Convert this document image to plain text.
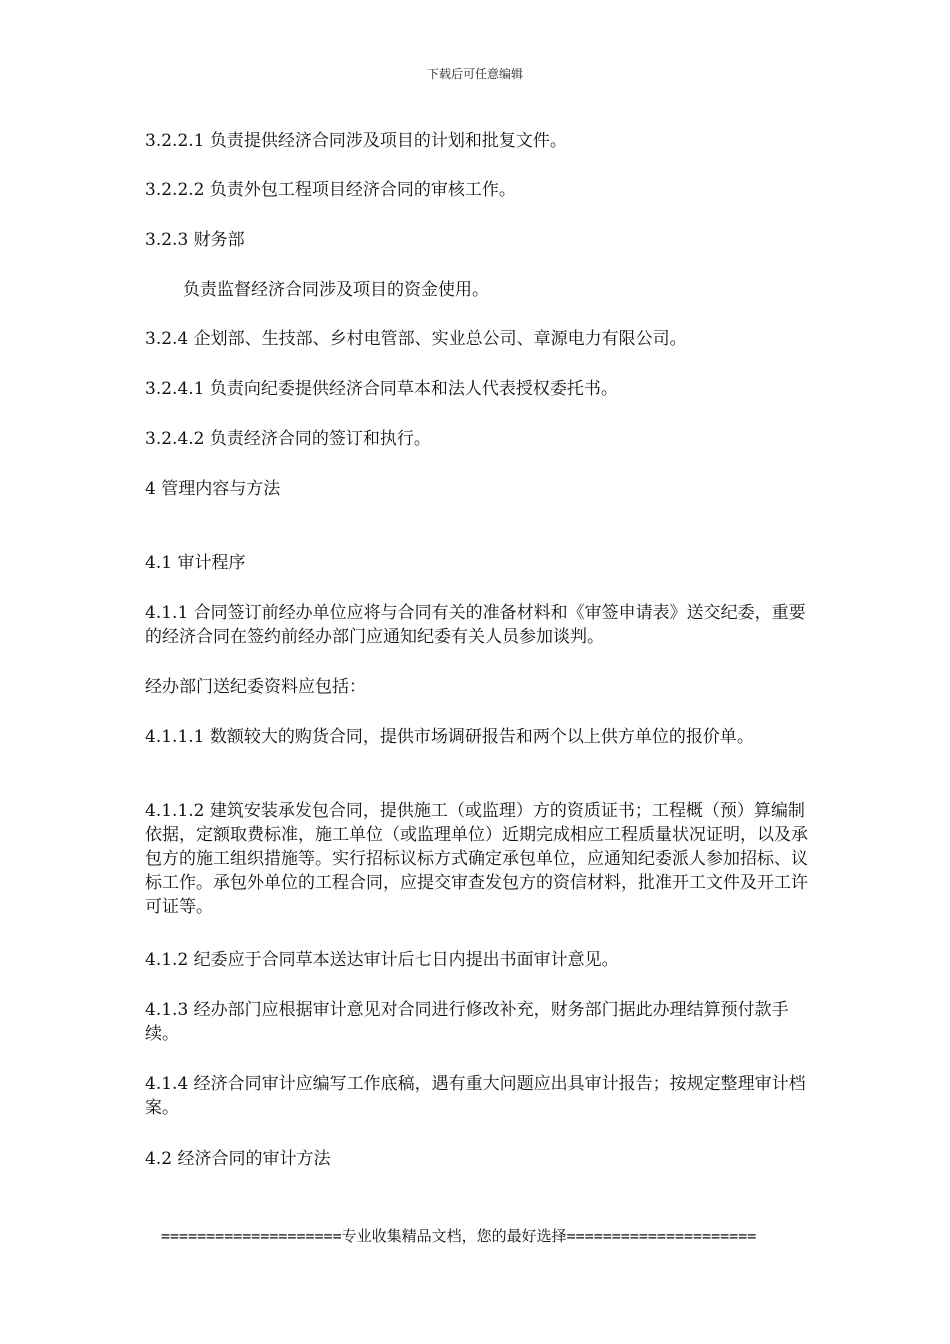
下载后可任意编辑
3.2.2.1 负责提供经济合同涉及项目的计划和批复文件。
3.2.2.2 负责外包工程项目经济合同的审核工作。
3.2.3 财务部
负责监督经济合同涉及项目的资金使用。
3.2.4 企划部、生技部、乡村电管部、实业总公司、章源电力有限公司。
3.2.4.1 负责向纪委提供经济合同草本和法人代表授权委托书。
3.2.4.2 负责经济合同的签订和执行。
4 管理内容与方法
4.1 审计程序
4.1.1 合同签订前经办单位应将与合同有关的准备材料和《审签申请表》送交纪委，重要的经济合同在签约前经办部门应通知纪委有关人员参加谈判。
经办部门送纪委资料应包括：
4.1.1.1 数额较大的购货合同，提供市场调研报告和两个以上供方单位的报价单。
4.1.1.2 建筑安装承发包合同，提供施工（或监理）方的资质证书；工程概（预）算编制依据，定额取费标准，施工单位（或监理单位）近期完成相应工程质量状况证明，以及承包方的施工组织措施等。实行招标议标方式确定承包单位，应通知纪委派人参加招标、议标工作。承包外单位的工程合同，应提交审查发包方的资信材料，批准开工文件及开工许可证等。
4.1.2 纪委应于合同草本送达审计后七日内提出书面审计意见。
4.1.3 经办部门应根据审计意见对合同进行修改补充，财务部门据此办理结算预付款手续。
4.1.4 经济合同审计应编写工作底稿，遇有重大问题应出具审计报告；按规定整理审计档案。
4.2 经济合同的审计方法
====================专业收集精品文档，您的最好选择=====================
